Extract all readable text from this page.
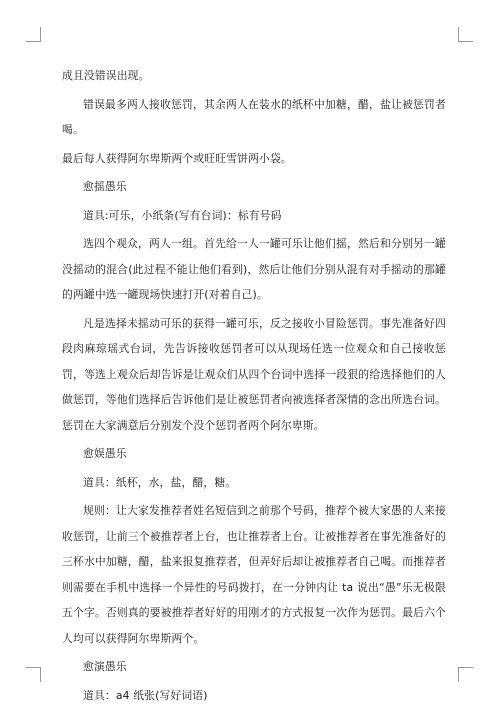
成且没错误出现。

错误最多两人接收惩罚，其余两人在装水的纸杯中加糖，醋，盐让被惩罚者喝。

最后每人获得阿尔卑斯两个或旺旺雪饼两小袋。

愈摇愚乐

道具:可乐，小纸条(写有台词)：标有号码

选四个观众，两人一组。首先给一人一罐可乐让他们摇，然后和分别另一罐没摇动的混合(此过程不能让他们看到)，然后让他们分别从混有对手摇动的那罐的两罐中选一罐现场快速打开(对着自己)。

凡是选择未摇动可乐的获得一罐可乐，反之接收小冒险惩罚。事先准备好四段肉麻琼瑶式台词，先告诉接收惩罚者可以从现场任选一位观众和自己接收惩罚，等选上观众后却告诉是让观众们从四个台词中选择一段狠的给选择他们的人做惩罚，等他们选择后告诉他们是让被惩罚者向被选择者深情的念出所选台词。惩罚在大家满意后分别发个没个惩罚者两个阿尔卑斯。

愈娱愚乐

道具：纸杯，水，盐，醋，糖。

规则：让大家发推荐者姓名短信到之前那个号码，推荐个被大家愚的人来接收惩罚，让前三个被推荐者上台，也让推荐者上台。让被推荐者在事先准备好的三杯水中加糖，醋，盐来报复推荐者，但弄好后却让被推荐者自己喝。而推荐者则需要在手机中选择一个异性的号码拨打，在一分钟内让 ta 说出“愚”乐无极限五个字。否则真的要被推荐者好好的用刚才的方式报复一次作为惩罚。最后六个人均可以获得阿尔卑斯两个。

愈演愚乐

道具：a4 纸张(写好词语)
